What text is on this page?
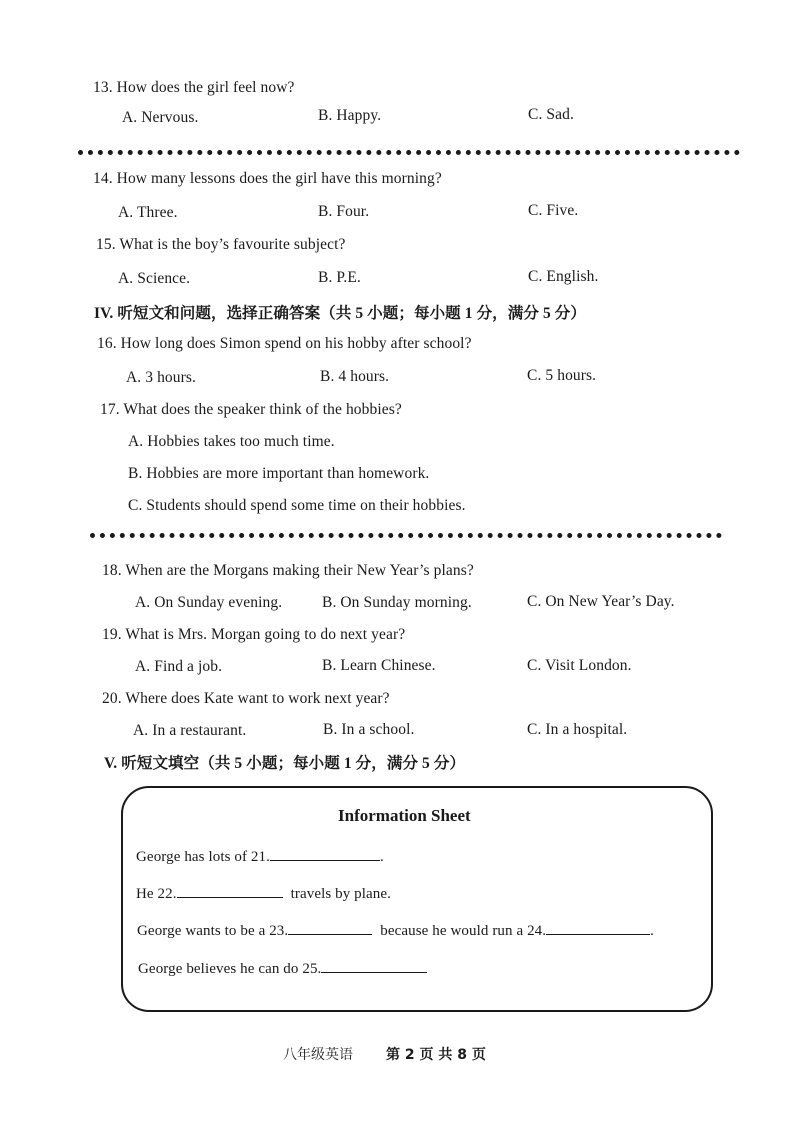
13. How does the girl feel now?
A. Nervous.	B. Happy.	C. Sad.
14. How many lessons does the girl have this morning?
A. Three.	B. Four.	C. Five.
15. What is the boy’s favourite subject?
A. Science.	B. P.E.	C. English.
IV. 听短文和问题，选择正确答案（共 5 小题；每小题 1 分，满分 5 分）
16. How long does Simon spend on his hobby after school?
A. 3 hours.	B. 4 hours.	C. 5 hours.
17. What does the speaker think of the hobbies?
A. Hobbies takes too much time.
B. Hobbies are more important than homework.
C. Students should spend some time on their hobbies.
18. When are the Morgans making their New Year’s plans?
A. On Sunday evening.	B. On Sunday morning.	C. On New Year’s Day.
19. What is Mrs. Morgan going to do next year?
A. Find a job.	B. Learn Chinese.	C. Visit London.
20. Where does Kate want to work next year?
A. In a restaurant.	B. In a school.	C. In a hospital.
V. 听短文填空（共 5 小题；每小题 1 分，满分 5 分）
Information Sheet
George has lots of 21.	.
He 22.	travels by plane.
George wants to be a 23.	because he would run a 24.	.
George believes he can do 25.
八年级英语 第 2 页 共 8 页
